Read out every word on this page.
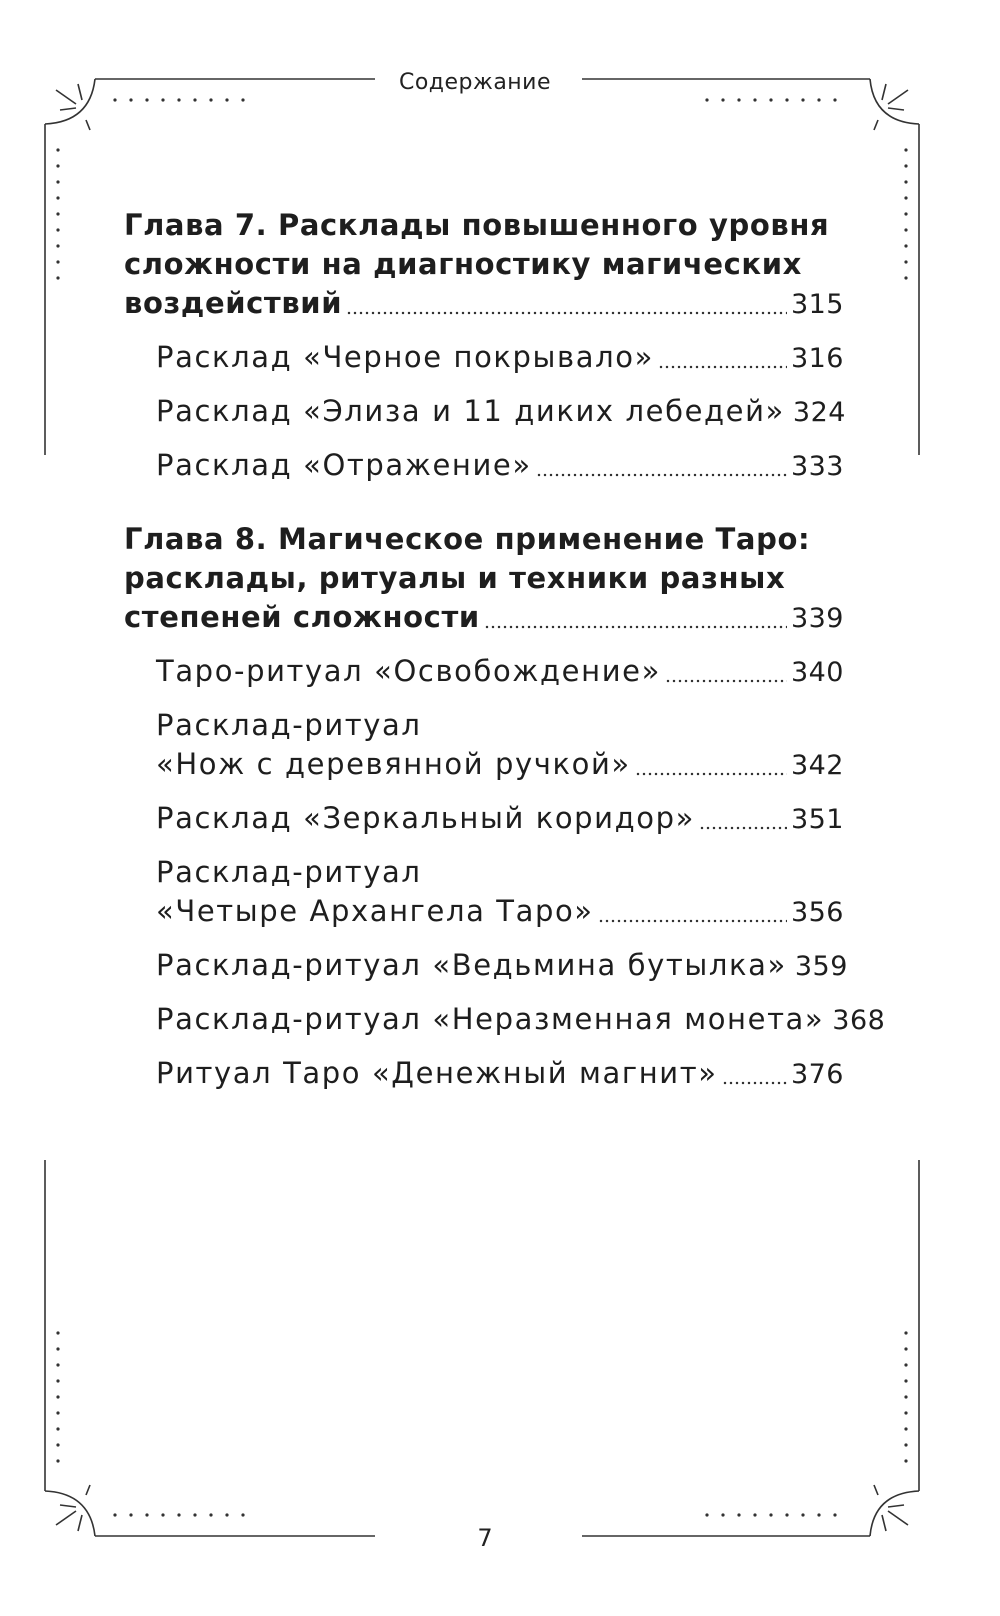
Содержание
Глава 7. Расклады повышенного уровня
сложности на диагностику магических
воздействий	315
Расклад «Черное покрывало»	316
Расклад «Элиза и 11 диких лебедей» 324
Расклад «Отражение»	333
Глава 8. Магическое применение Таро:
расклады, ритуалы и техники разных
степеней сложности	339
Таро-ритуал «Освобождение»	340
Расклад-ритуал
«Нож с деревянной ручкой»	342
Расклад «Зеркальный коридор»	351
Расклад-ритуал
«Четыре Архангела Таро»	356
Расклад-ритуал «Ведьмина бутылка» 359
Расклад-ритуал «Неразменная монета» 368
Ритуал Таро «Денежный магнит»	376
7
